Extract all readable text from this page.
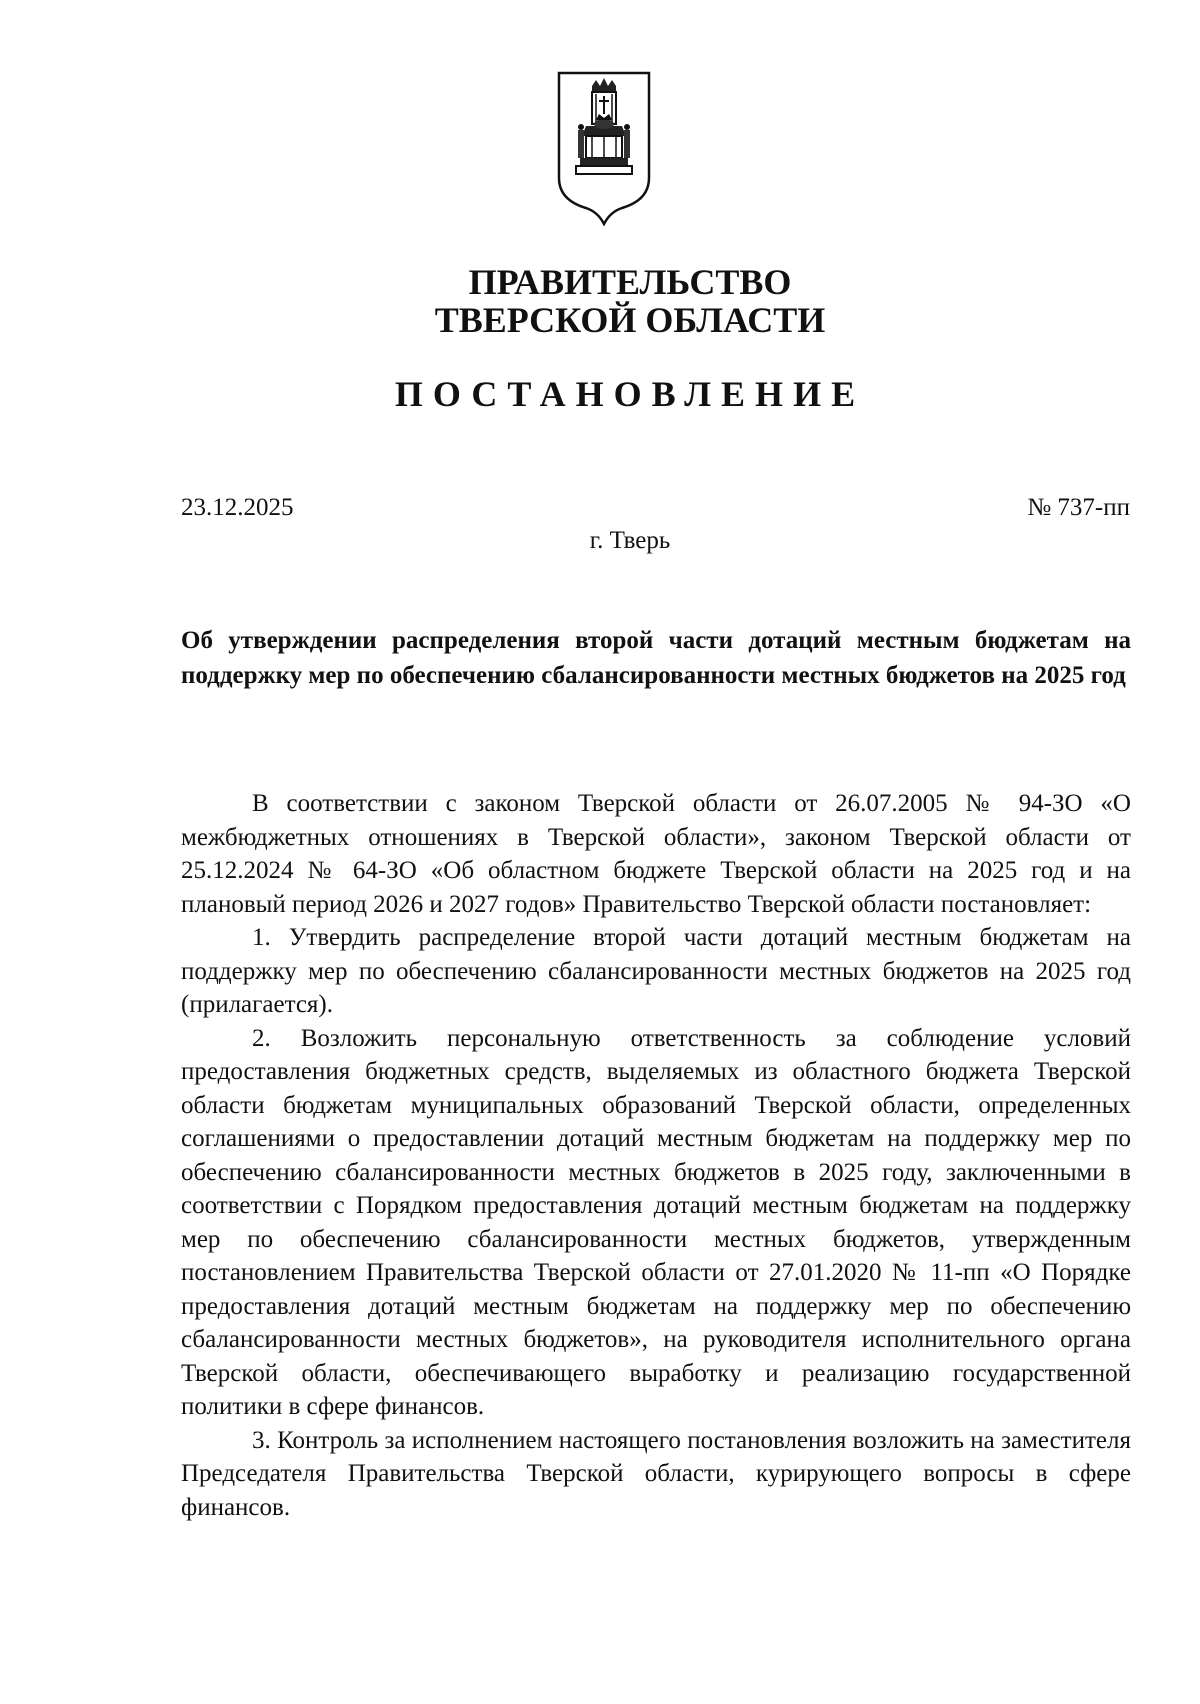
ПРАВИТЕЛЬСТВО
ТВЕРСКОЙ ОБЛАСТИ
ПОСТАНОВЛЕНИЕ
23.12.2025	№ 737-пп
г. Тверь
Об утверждении распределения второй части дотаций местным бюджетам на поддержку мер по обеспечению сбалансированности местных бюджетов на 2025 год

В соответствии с законом Тверской области от 26.07.2005 № 94-ЗО «О межбюджетных отношениях в Тверской области», законом Тверской области от 25.12.2024 № 64-ЗО «Об областном бюджете Тверской области на 2025 год и на плановый период 2026 и 2027 годов» Правительство Тверской области постановляет:

1. Утвердить распределение второй части дотаций местным бюджетам на поддержку мер по обеспечению сбалансированности местных бюджетов на 2025 год (прилагается).

2. Возложить персональную ответственность за соблюдение условий предоставления бюджетных средств, выделяемых из областного бюджета Тверской области бюджетам муниципальных образований Тверской области, определенных соглашениями о предоставлении дотаций местным бюджетам на поддержку мер по обеспечению сбалансированности местных бюджетов в 2025 году, заключенными в соответствии с Порядком предоставления дотаций местным бюджетам на поддержку мер по обеспечению сбалансированности местных бюджетов, утвержденным постановлением Правительства Тверской области от 27.01.2020 № 11-пп «О Порядке предоставления дотаций местным бюджетам на поддержку мер по обеспечению сбалансированности местных бюджетов», на руководителя исполнительного органа Тверской области, обеспечивающего выработку и реализацию государственной политики в сфере финансов.

3. Контроль за исполнением настоящего постановления возложить на заместителя Председателя Правительства Тверской области, курирующего вопросы в сфере финансов.
